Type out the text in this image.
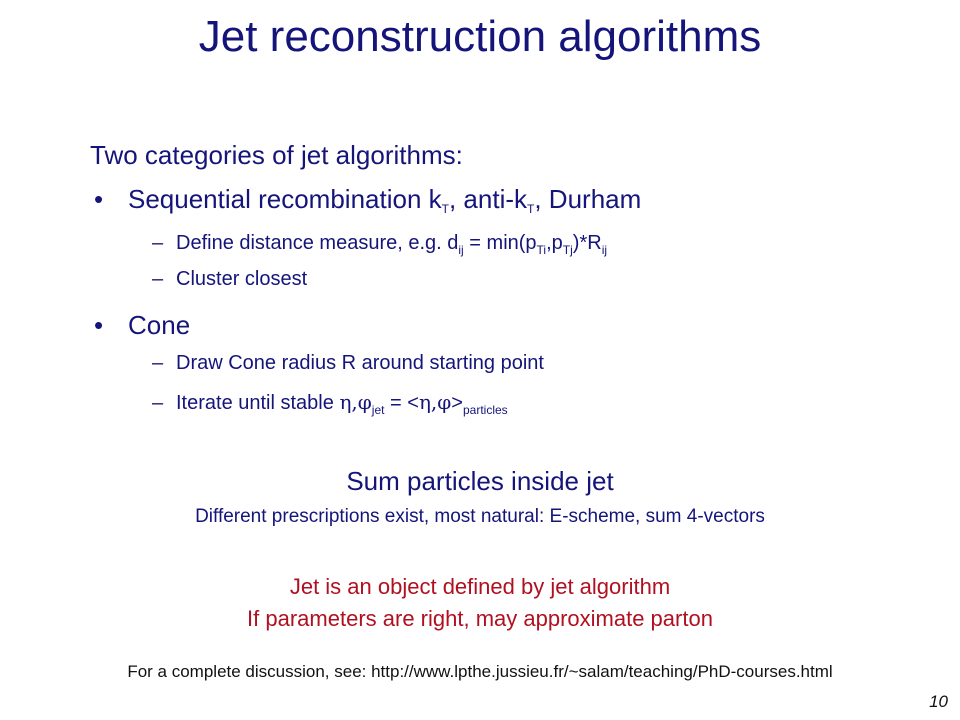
Jet reconstruction algorithms
Two categories of jet algorithms:
• Sequential recombination $k_T$, anti-$k_T$, Durham
– Define distance measure, e.g. $d_{ij} = \min(p_{Ti},p_{Tj})*R_{ij}$
– Cluster closest
• Cone
– Draw Cone radius R around starting point
– Iterate until stable $\eta,\varphi_{jet} = <\eta,\varphi>_{particles}$
Sum particles inside jet
Different prescriptions exist, most natural: E-scheme, sum 4-vectors
Jet is an object defined by jet algorithm
If parameters are right, may approximate parton
For a complete discussion, see: http://www.lpthe.jussieu.fr/~salam/teaching/PhD-courses.html
10
